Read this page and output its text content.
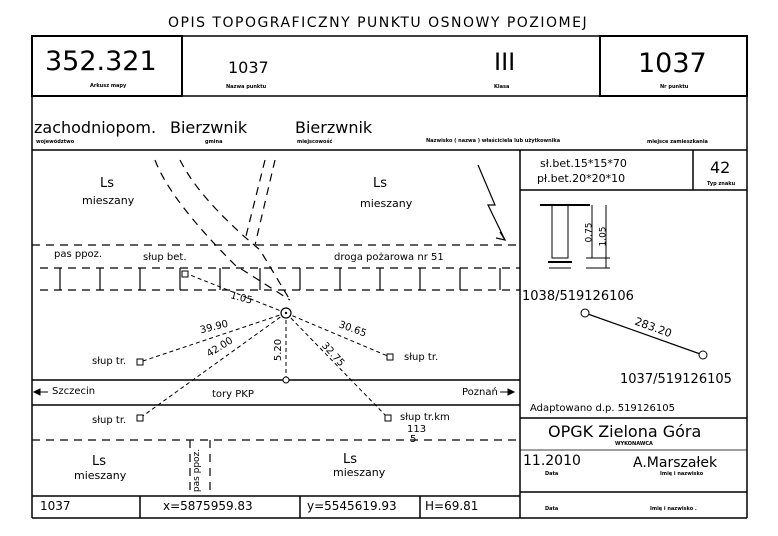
OPIS TOPOGRAFICZNY PUNKTU OSNOWY POZIOMEJ
352.321
Arkusz mapy
1037
Nazwa punktu
III
Klasa
1037
Nr punktu
zachodniopom. Bierzwnik
województwo	gmina
Bierzwnik
miejscowość	Nazwisko ( nazwa ) właściciela lub użytkownika	miejsce zamieszkania
Ls
mieszany
Ls
mieszany
pas ppoz.	słup bet.	droga pożarowa nr 51
1.05
39.90	30.65
42.00	5.20	32.75
słup tr.	słup tr.
Szczecin	tory PKP	Poznań
słup tr.	słup tr.km
113
5
Ls
mieszany
Ls
mieszany
pas ppoz.
sł.bet.15*15*70
pł.bet.20*20*10
42
Typ znaku
0.75 1.05
1038/519126106
283.20
1037/519126105
Adaptowano d.p. 519126105
OPGK Zielona Góra
WYKONAWCA
11.2010
Data
A.Marszałek
Imię i nazwisko
Data	Imię i nazwisko .
1037	x=5875959.83	y=5545619.93 H=69.81
